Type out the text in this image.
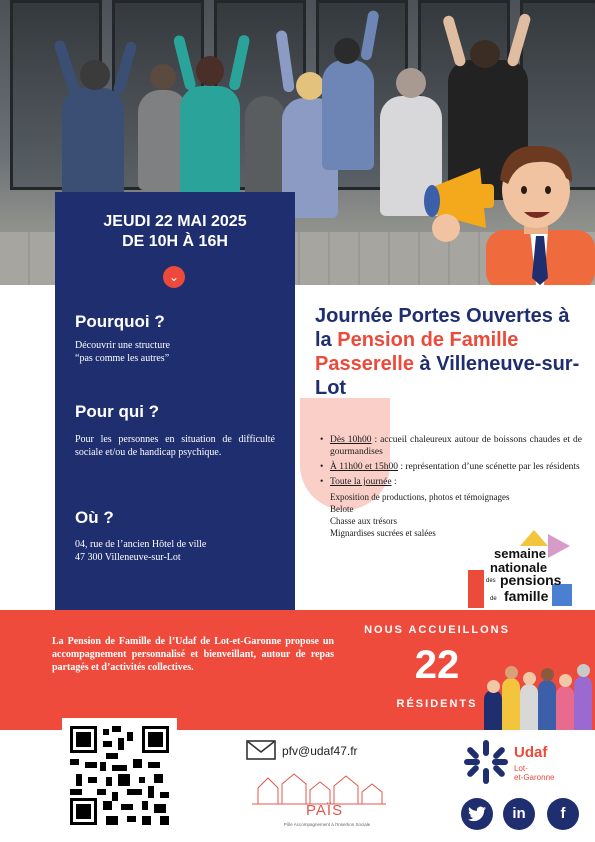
JEUDI 22 MAI 2025
DE 10H À 16H
⌄
Pourquoi ?
Découvrir une structure
“pas comme les autres”
Pour qui ?
Pour les personnes en situation de difficulté sociale et/ou de handicap psychique.
Où ?
04, rue de l’ancien Hôtel de ville
47 300 Villeneuve-sur-Lot
Journée Portes Ouvertes à la Pension de Famille Passerelle à Villeneuve-sur-Lot
• Dès 10h00 : accueil chaleureux autour de boissons chaudes et de gourmandises
• À 11h00 et 15h00 : représentation d’une scénette par les résidents
• Toute la journée :
Exposition de productions, photos et témoignages
Belote
Chasse aux trésors
Mignardises sucrées et salées
semaine
nationale
des pensions
de famille
La Pension de Famille de l’Udaf de Lot-et-Garonne propose un accompagnement personnalisé et bienveillant, autour de repas partagés et d’activités collectives.
NOUS ACCUEILLONS
22
RÉSIDENTS
pfv@udaf47.fr
PAÏS
Pôle Accompagnement à l’Insertion Sociale
Udaf
Lot-
et-Garonne
in	f
